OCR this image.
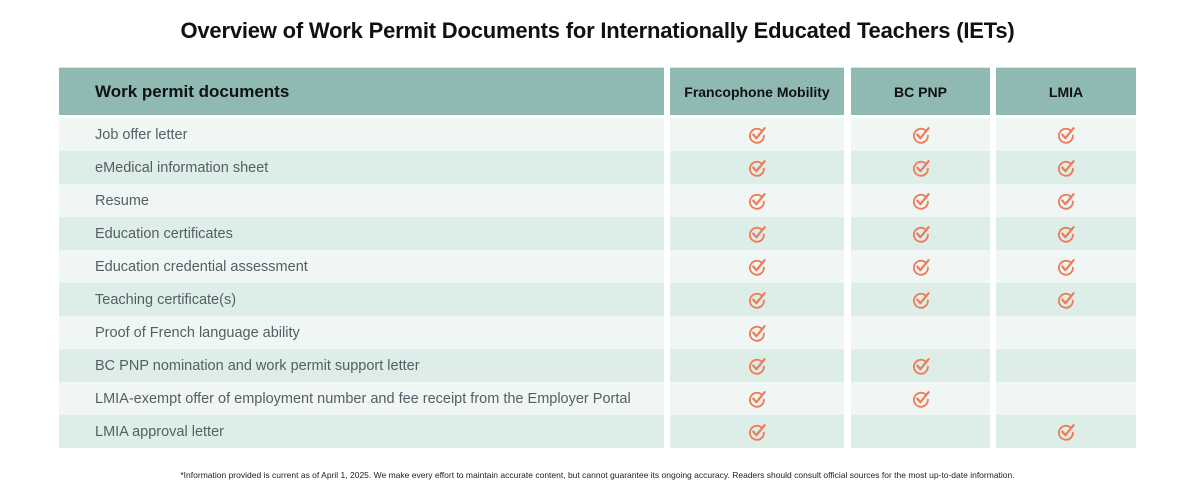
Overview of Work Permit Documents for Internationally Educated Teachers (IETs)
Work permit documents
Job offer letter
eMedical information sheet
Resume
Education certificates
Education credential assessment
Teaching certificate(s)
Proof of French language ability
BC PNP nomination and work permit support letter
LMIA-exempt offer of employment number and fee receipt from the Employer Portal
LMIA approval letter
Francophone Mobility	BC PNP	LMIA
*Information provided is current as of April 1, 2025. We make every effort to maintain accurate content, but cannot guarantee its ongoing accuracy. Readers should consult official sources for the most up-to-date information.
